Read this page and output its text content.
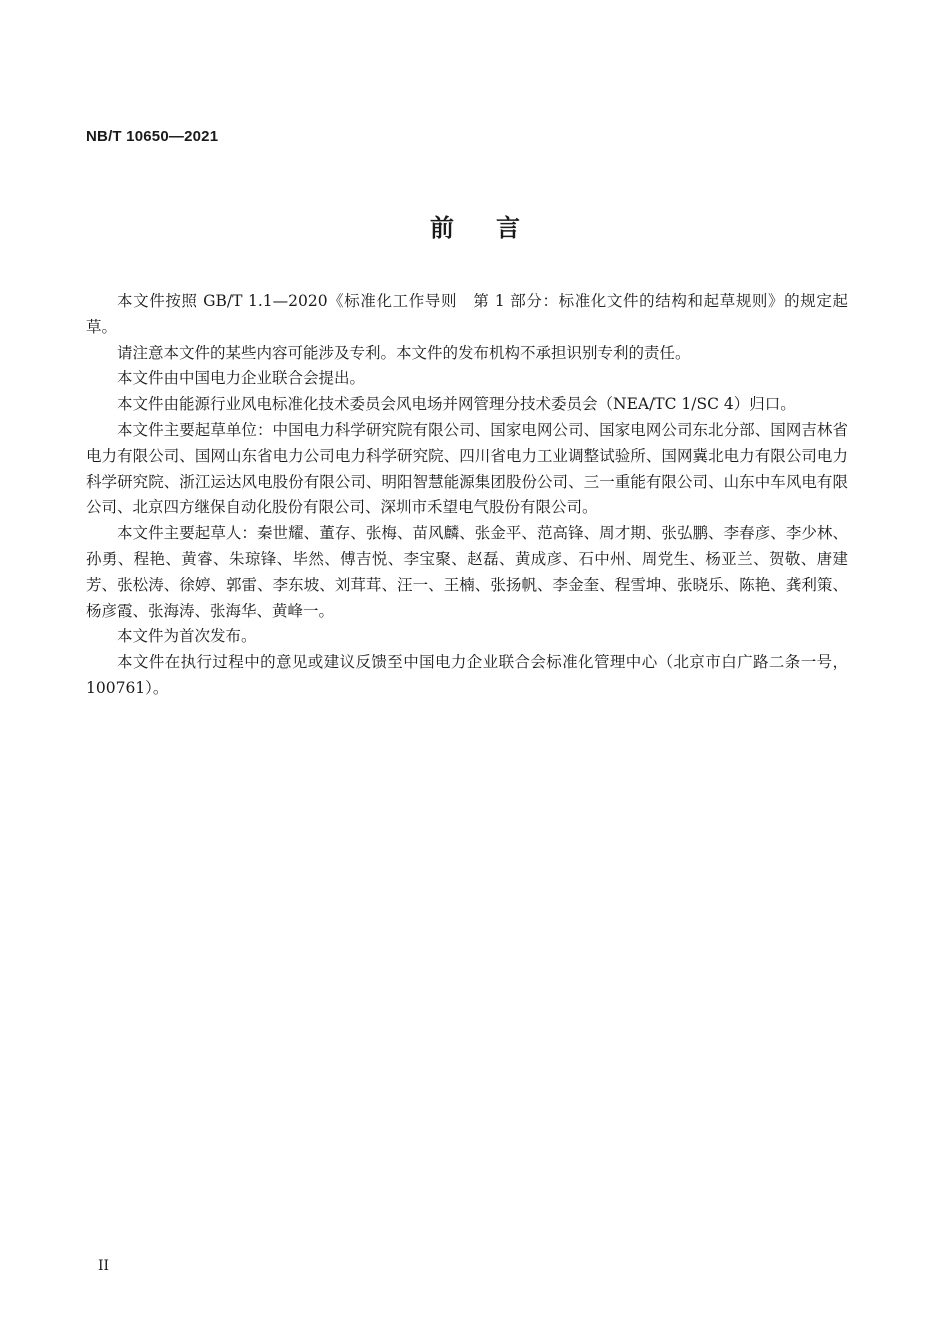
NB/T 10650—2021
前言

本文件按照 GB/T 1.1—2020《标准化工作导则　第 1 部分：标准化文件的结构和起草规则》的规定起草。

请注意本文件的某些内容可能涉及专利。本文件的发布机构不承担识别专利的责任。

本文件由中国电力企业联合会提出。

本文件由能源行业风电标准化技术委员会风电场并网管理分技术委员会（NEA/TC 1/SC 4）归口。

本文件主要起草单位：中国电力科学研究院有限公司、国家电网公司、国家电网公司东北分部、国网吉林省电力有限公司、国网山东省电力公司电力科学研究院、四川省电力工业调整试验所、国网冀北电力有限公司电力科学研究院、浙江运达风电股份有限公司、明阳智慧能源集团股份公司、三一重能有限公司、山东中车风电有限公司、北京四方继保自动化股份有限公司、深圳市禾望电气股份有限公司。

本文件主要起草人：秦世耀、董存、张梅、苗风麟、张金平、范高锋、周才期、张弘鹏、李春彦、李少林、孙勇、程艳、黄睿、朱琼锋、毕然、傅吉悦、李宝聚、赵磊、黄成彦、石中州、周党生、杨亚兰、贺敬、唐建芳、张松涛、徐婷、郭雷、李东坡、刘茸茸、汪一、王楠、张扬帆、李金奎、程雪坤、张晓乐、陈艳、龚利策、杨彦霞、张海涛、张海华、黄峰一。

本文件为首次发布。

本文件在执行过程中的意见或建议反馈至中国电力企业联合会标准化管理中心（北京市白广路二条一号，100761）。

II
